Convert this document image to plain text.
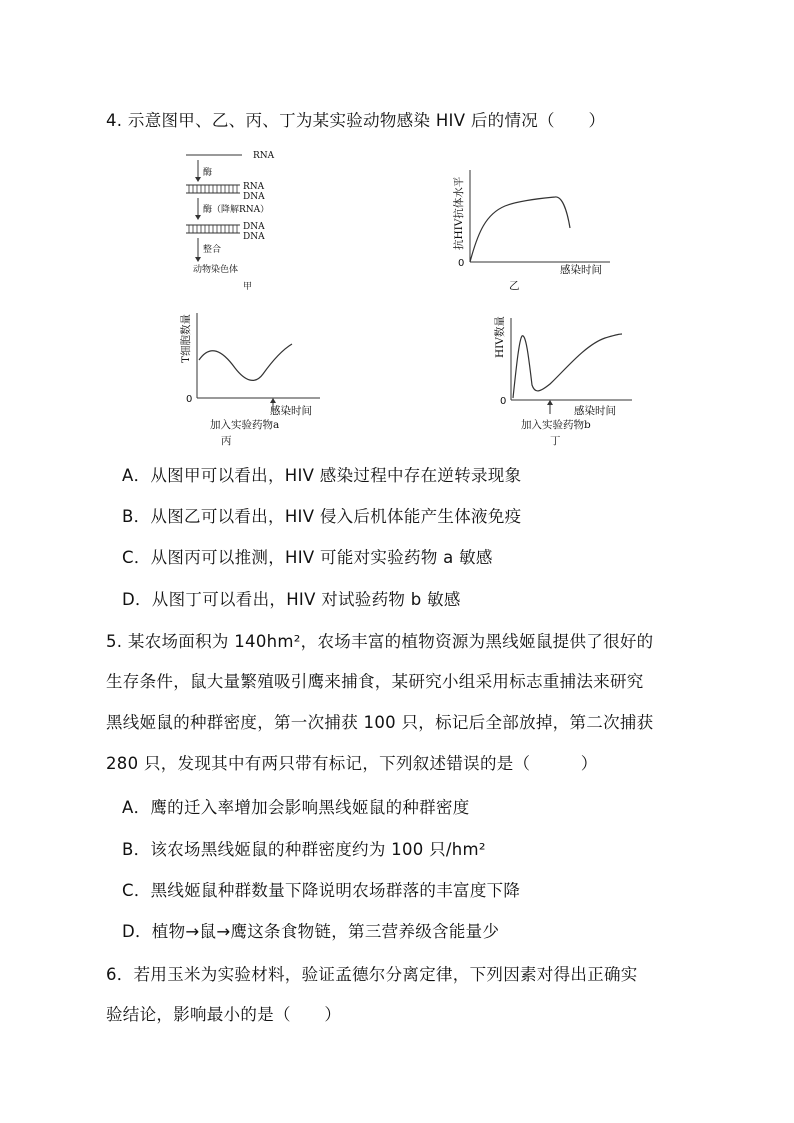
4. 示意图甲、乙、丙、丁为某实验动物感染 HIV 后的情况（　　）
RNA
酶
RNA
DNA
酶（降解RNA）
DNA
DNA
整合
动物染色体
甲
抗HIV抗体水平
0
感染时间
乙
T细胞数量
0
感染时间
加入实验药物a
丙
HIV数量
0
感染时间
加入实验药物b
丁
A．从图甲可以看出，HIV 感染过程中存在逆转录现象
B．从图乙可以看出，HIV 侵入后机体能产生体液免疫
C．从图丙可以推测，HIV 可能对实验药物 a 敏感
D．从图丁可以看出，HIV 对试验药物 b 敏感
5. 某农场面积为 140hm²，农场丰富的植物资源为黑线姬鼠提供了很好的
生存条件，鼠大量繁殖吸引鹰来捕食，某研究小组采用标志重捕法来研究
黑线姬鼠的种群密度，第一次捕获 100 只，标记后全部放掉，第二次捕获
280 只，发现其中有两只带有标记，下列叙述错误的是（　　　）
A．鹰的迁入率增加会影响黑线姬鼠的种群密度
B．该农场黑线姬鼠的种群密度约为 100 只/hm²
C．黑线姬鼠种群数量下降说明农场群落的丰富度下降
D．植物→鼠→鹰这条食物链，第三营养级含能量少
6．若用玉米为实验材料，验证孟德尔分离定律，下列因素对得出正确实
验结论，影响最小的是（　　）
